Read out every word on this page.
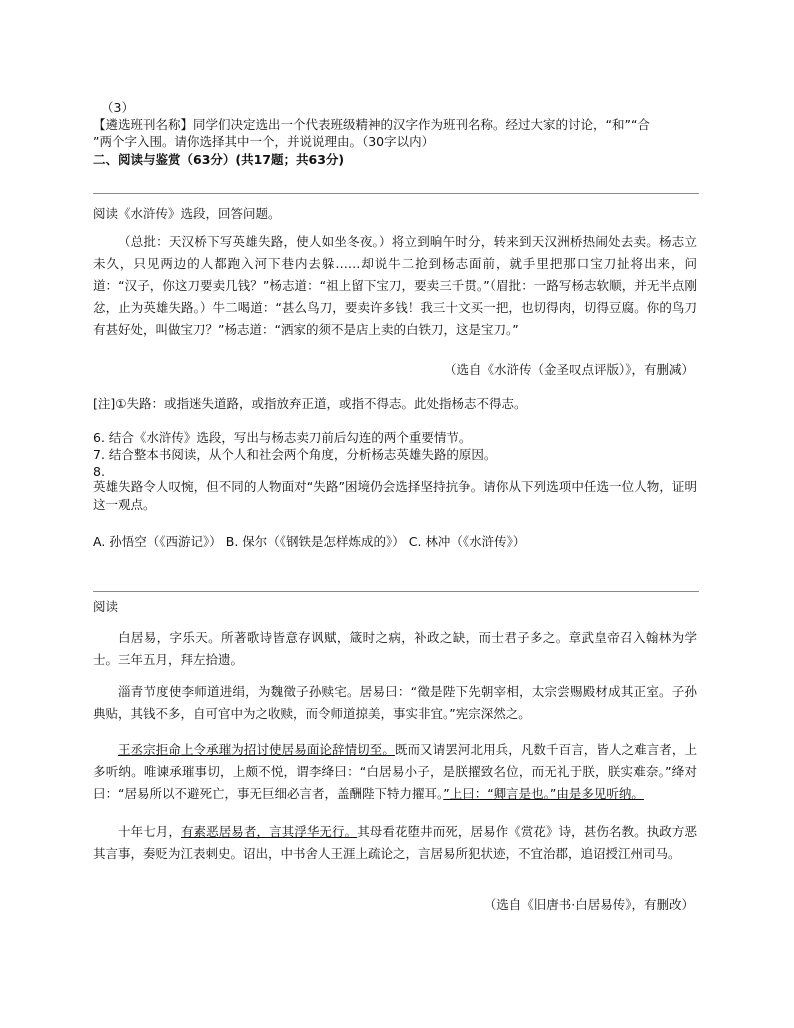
（3）
【遴选班刊名称】同学们决定选出一个代表班级精神的汉字作为班刊名称。经过大家的讨论，“和”“合
”两个字入围。请你选择其中一个，并说说理由。（30字以内）
二、阅读与鉴赏（63分）(共17题；共63分)
阅读《水浒传》选段，回答问题。
（总批：天汉桥下写英雄失路，使人如坐冬夜。）将立到晌午时分，转来到天汉洲桥热闹处去卖。杨志立未久，只见两边的人都跑入河下巷内去躲……却说牛二抢到杨志面前，就手里把那口宝刀扯将出来，问道：“汉子，你这刀要卖几钱？”杨志道：“祖上留下宝刀，要卖三千贯。”（眉批：一路写杨志软顺，并无半点刚忿，止为英雄失路。）牛二喝道：“甚么鸟刀，要卖许多钱！我三十文买一把，也切得肉，切得豆腐。你的鸟刀有甚好处，叫做宝刀？”杨志道：“洒家的须不是店上卖的白铁刀，这是宝刀。”
（选自《水浒传（金圣叹点评版）》，有删减）
[注]①失路：或指迷失道路，或指放弃正道，或指不得志。此处指杨志不得志。
6. 结合《水浒传》选段，写出与杨志卖刀前后勾连的两个重要情节。
7. 结合整本书阅读，从个人和社会两个角度，分析杨志英雄失路的原因。
8.
英雄失路令人叹惋，但不同的人物面对“失路”困境仍会选择坚持抗争。请你从下列选项中任选一位人物，证明这一观点。
A. 孙悟空（《西游记》） B. 保尔（《钢铁是怎样炼成的》） C. 林冲（《水浒传》）
阅读
白居易，字乐天。所著歌诗皆意存讽赋，箴时之病，补政之缺，而士君子多之。章武皇帝召入翰林为学士。三年五月，拜左拾遗。
淄青节度使李师道进绢，为魏徵子孙赎宅。居易曰：“徵是陛下先朝宰相，太宗尝赐殿材成其正室。子孙典贴，其钱不多，自可官中为之收赎，而令师道掠美，事实非宜。”宪宗深然之。
王丞宗拒命上令承璀为招讨使居易面论辞情切至。既而又请罢河北用兵，凡数千百言，皆人之难言者，上多听纳。唯谏承璀事切，上颇不悦，谓李绛曰：“白居易小子，是朕擢致名位，而无礼于朕，朕实难奈。”绛对曰：“居易所以不避死亡，事无巨细必言者，盖酬陛下特力擢耳。”上曰：“卿言是也。”由是多见听纳。
十年七月，有素恶居易者，言其浮华无行。其母看花堕井而死，居易作《赏花》诗，甚伤名教。执政方恶其言事，奏贬为江表刺史。诏出，中书舍人王涯上疏论之，言居易所犯状迹，不宜治郡，追诏授江州司马。
（选自《旧唐书·白居易传》，有删改）
